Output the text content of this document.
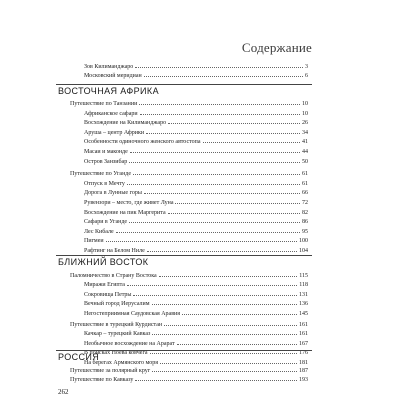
Содержание
Зов Килиманджаро	3
Московский меридиан	6
ВОСТОЧНАЯ АФРИКА
Путешествие по Танзании	10
Африканское сафари	10
Восхождение на Килиманджаро	26
Аруша – центр Африки	34
Особенности одиночного женского автостопа	41
Масаи и маконде	44
Остров Занзибар	50
Путешествие по Уганде	61
Отпуск в Мечту	61
Дорога в Лунные горы	66
Рувензори – место, где живет Луна	72
Восхождение на пик Маргерита	82
Сафари в Уганде	86
Лес Кибале	95
Пигмеи	100
Рафтинг на Белом Ниле	104
БЛИЖНИЙ ВОСТОК
Паломничество в Страну Востока	115
Миражи Египта	118
Сокровища Петры	131
Вечный город Иерусалим	136
Негостеприимная Саудовская Аравия	145
Путешествие в турецкий Курдистан	161
Качкар – турецкий Кавказ	161
Необычное восхождение на Арарат	167
В поисках Ноева ковчега	176
На берегах Армянского моря	181
РОССИЯ
Путешествие за полярный круг	187
Путешествие по Кавказу	193
262
